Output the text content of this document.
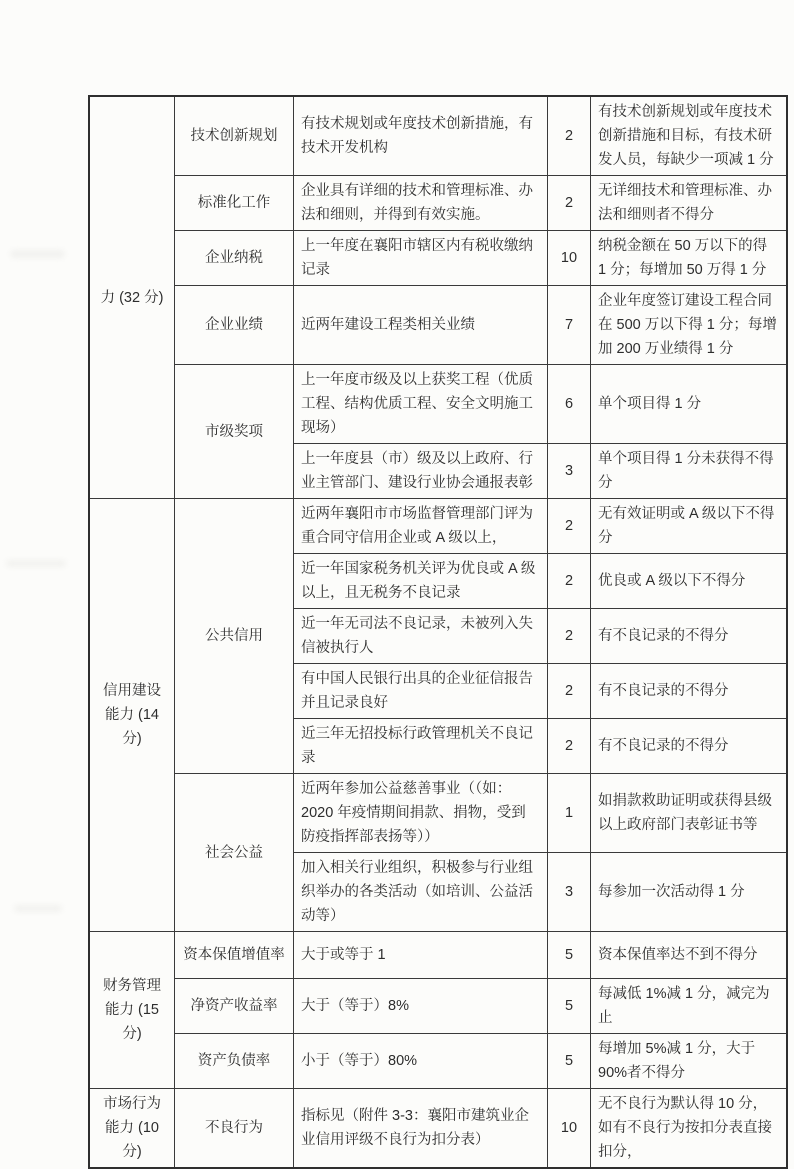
力 (32 分)	技术创新规划	有技术规划或年度技术创新措施，有技术开发机构	2	有技术创新规划或年度技术创新措施和目标，有技术研发人员，每缺少一项减 1 分
	标准化工作	企业具有详细的技术和管理标准、办法和细则，并得到有效实施。	2	无详细技术和管理标准、办法和细则者不得分
	企业纳税	上一年度在襄阳市辖区内有税收缴纳记录	10	纳税金额在 50 万以下的得 1 分；每增加 50 万得 1 分
	企业业绩	近两年建设工程类相关业绩	7	企业年度签订建设工程合同在 500 万以下得 1 分；每增加 200 万业绩得 1 分
	市级奖项	上一年度市级及以上获奖工程（优质工程、结构优质工程、安全文明施工现场）	6	单个项目得 1 分
		上一年度县（市）级及以上政府、行业主管部门、建设行业协会通报表彰	3	单个项目得 1 分未获得不得分
信用建设能力 (14 分)	公共信用	近两年襄阳市市场监督管理部门评为重合同守信用企业或 A 级以上，	2	无有效证明或 A 级以下不得分
		近一年国家税务机关评为优良或 A 级以上，且无税务不良记录	2	优良或 A 级以下不得分
		近一年无司法不良记录，未被列入失信被执行人	2	有不良记录的不得分
		有中国人民银行出具的企业征信报告并且记录良好	2	有不良记录的不得分
		近三年无招投标行政管理机关不良记录	2	有不良记录的不得分
	社会公益	近两年参加公益慈善事业（（如：2020 年疫情期间捐款、捐物，受到防疫指挥部表扬等））	1	如捐款救助证明或获得县级以上政府部门表彰证书等
		加入相关行业组织，积极参与行业组织举办的各类活动（如培训、公益活动等）	3	每参加一次活动得 1 分
财务管理能力 (15 分)	资本保值增值率	大于或等于 1	5	资本保值率达不到不得分
	净资产收益率	大于（等于）8%	5	每减低 1%减 1 分，减完为止
	资产负债率	小于（等于）80%	5	每增加 5%减 1 分，大于 90%者不得分
市场行为能力 (10 分)	不良行为	指标见（附件 3-3：襄阳市建筑业企业信用评级不良行为扣分表）	10	无不良行为默认得 10 分，如有不良行为按扣分表直接扣分，
